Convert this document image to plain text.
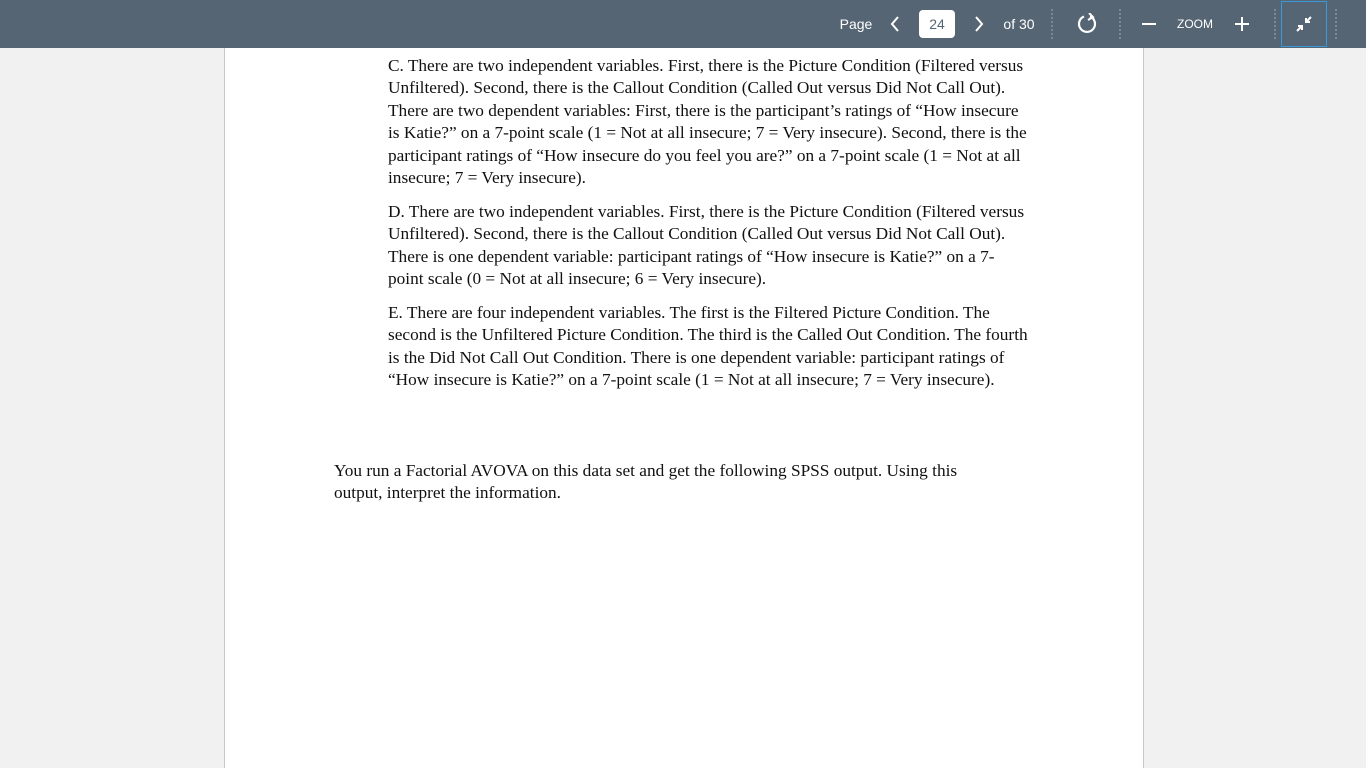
Page
24	of 30	ZOOM

C. There are two independent variables. First, there is the Picture Condition (Filtered versus Unfiltered). Second, there is the Callout Condition (Called Out versus Did Not Call Out). There are two dependent variables: First, there is the participant’s ratings of “How insecure is Katie?” on a 7-point scale (1 = Not at all insecure; 7 = Very insecure). Second, there is the participant ratings of “How insecure do you feel you are?” on a 7-point scale (1 = Not at all insecure; 7 = Very insecure).

D. There are two independent variables. First, there is the Picture Condition (Filtered versus Unfiltered). Second, there is the Callout Condition (Called Out versus Did Not Call Out). There is one dependent variable: participant ratings of “How insecure is Katie?” on a 7-point scale (0 = Not at all insecure; 6 = Very insecure).

E. There are four independent variables. The first is the Filtered Picture Condition. The second is the Unfiltered Picture Condition. The third is the Called Out Condition. The fourth is the Did Not Call Out Condition. There is one dependent variable: participant ratings of “How insecure is Katie?” on a 7-point scale (1 = Not at all insecure; 7 = Very insecure).

You run a Factorial AVOVA on this data set and get the following SPSS output. Using this output, interpret the information.
